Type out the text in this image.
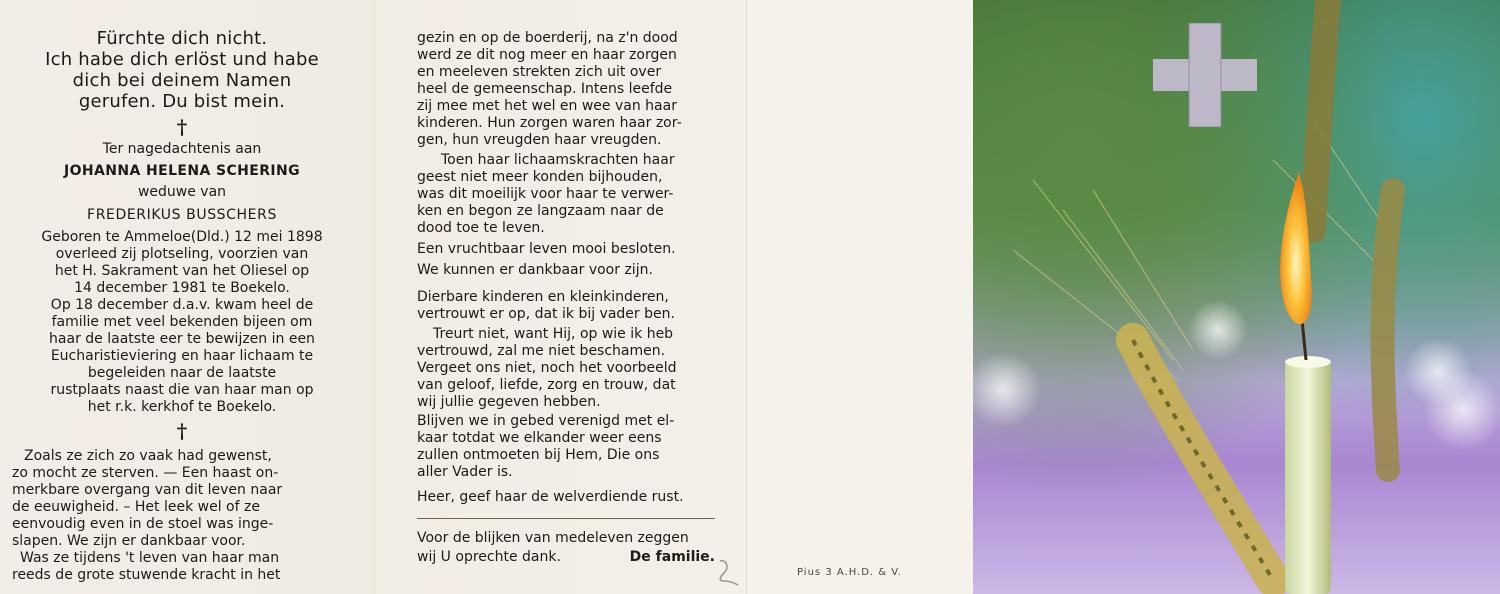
Fürchte dich nicht.
Ich habe dich erlöst und habe
dich bei deinem Namen
gerufen. Du bist mein.
†
Ter nagedachtenis aan
JOHANNA HELENA SCHERING
weduwe van
FREDERIKUS BUSSCHERS
Geboren te Ammeloe(Dld.) 12 mei 1898
overleed zij plotseling, voorzien van
het H. Sakrament van het Oliesel op
14 december 1981 te Boekelo.
Op 18 december d.a.v. kwam heel de
familie met veel bekenden bijeen om
haar de laatste eer te bewijzen in een
Eucharistieviering en haar lichaam te
begeleiden naar de laatste
rustplaats naast die van haar man op
het r.k. kerkhof te Boekelo.
†
Zoals ze zich zo vaak had gewenst,
zo mocht ze sterven. — Een haast on-
merkbare overgang van dit leven naar
de eeuwigheid. – Het leek wel of ze
eenvoudig even in de stoel was inge-
slapen. We zijn er dankbaar voor.
Was ze tijdens 't leven van haar man
reeds de grote stuwende kracht in het
gezin en op de boerderij, na z'n dood
werd ze dit nog meer en haar zorgen
en meeleven strekten zich uit over
heel de gemeenschap. Intens leefde
zij mee met het wel en wee van haar
kinderen. Hun zorgen waren haar zor-
gen, hun vreugden haar vreugden.
Toen haar lichaamskrachten haar
geest niet meer konden bijhouden,
was dit moeilijk voor haar te verwer-
ken en begon ze langzaam naar de
dood toe te leven.
Een vruchtbaar leven mooi besloten.
We kunnen er dankbaar voor zijn.
Dierbare kinderen en kleinkinderen,
vertrouwt er op, dat ik bij vader ben.
Treurt niet, want Hij, op wie ik heb
vertrouwd, zal me niet beschamen.
Vergeet ons niet, noch het voorbeeld
van geloof, liefde, zorg en trouw, dat
wij jullie gegeven hebben.
Blijven we in gebed verenigd met el-
kaar totdat we elkander weer eens
zullen ontmoeten bij Hem, Die ons
aller Vader is.
Heer, geef haar de welverdiende rust.
Voor de blijken van medeleven zeggen
wij U oprechte dank.	De familie.
Pius 3 A.H.D. & V.
